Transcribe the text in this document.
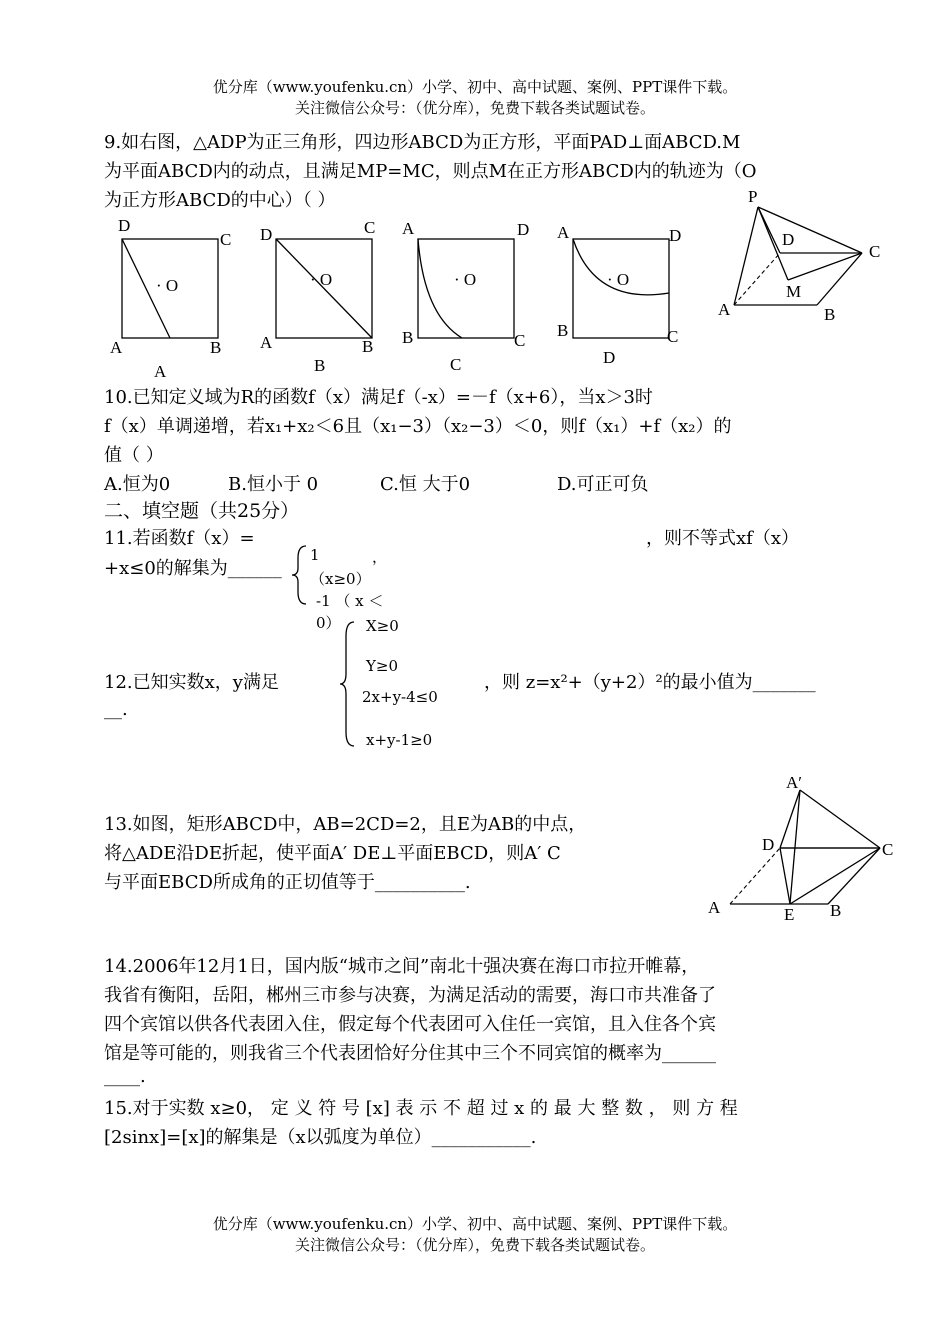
优分库（www.youfenku.cn）小学、初中、高中试题、案例、PPT课件下载。
关注微信公众号：（优分库），免费下载各类试题试卷。
9.如右图，△ADP为正三角形，四边形ABCD为正方形，平面PAD⊥面ABCD.M
为平面ABCD内的动点，且满足MP=MC，则点M在正方形ABCD内的轨迹为（O
为正方形ABCD的中心）（ ）
D
C
A	B
· O
A
D	C
A	B
· O
B
A	D
B	C
· O
C
A	D
B	C
· O
D
P
D
C
M
A	B
10.已知定义域为R的函数f（x）满足f（-x）=－f（x+6），当x＞3时
f（x）单调递增，若x₁+x₂＜6且（x₁−3）（x₂−3）＜0，则f（x₁）+f（x₂）的
值（ ）
A.恒为0	B.恒小于 0	C.恒 大于0	D.可正可负
二、填空题（共25分）
11.若函数f（x）=	，则不等式xf（x）
+x≤0的解集为______
1	，
（x≥0）
-1 （ x ＜
0）
12.已知实数x，y满足
X≥0
Y≥0
2x+y-4≤0
x+y-1≥0
，则 z=x²+（y+2）²的最小值为_______
__.
13.如图，矩形ABCD中，AB=2CD=2，且E为AB的中点，
将△ADE沿DE折起，使平面A′ DE⊥平面EBCD，则A′ C
与平面EBCD所成角的正切值等于__________.
A′
D	C
A	E B
14.2006年12月1日，国内版“城市之间”南北十强决赛在海口市拉开帷幕，
我省有衡阳，岳阳，郴州三市参与决赛，为满足活动的需要，海口市共准备了
四个宾馆以供各代表团入住，假定每个代表团可入住任一宾馆，且入住各个宾
馆是等可能的，则我省三个代表团恰好分住其中三个不同宾馆的概率为______
____.
15.对于实数 x≥0， 定 义 符 号 [x] 表 示 不 超 过 x 的 最 大 整 数 ， 则 方 程
[2sinx]=[x]的解集是（x以弧度为单位）___________.
优分库（www.youfenku.cn）小学、初中、高中试题、案例、PPT课件下载。
关注微信公众号：（优分库），免费下载各类试题试卷。
